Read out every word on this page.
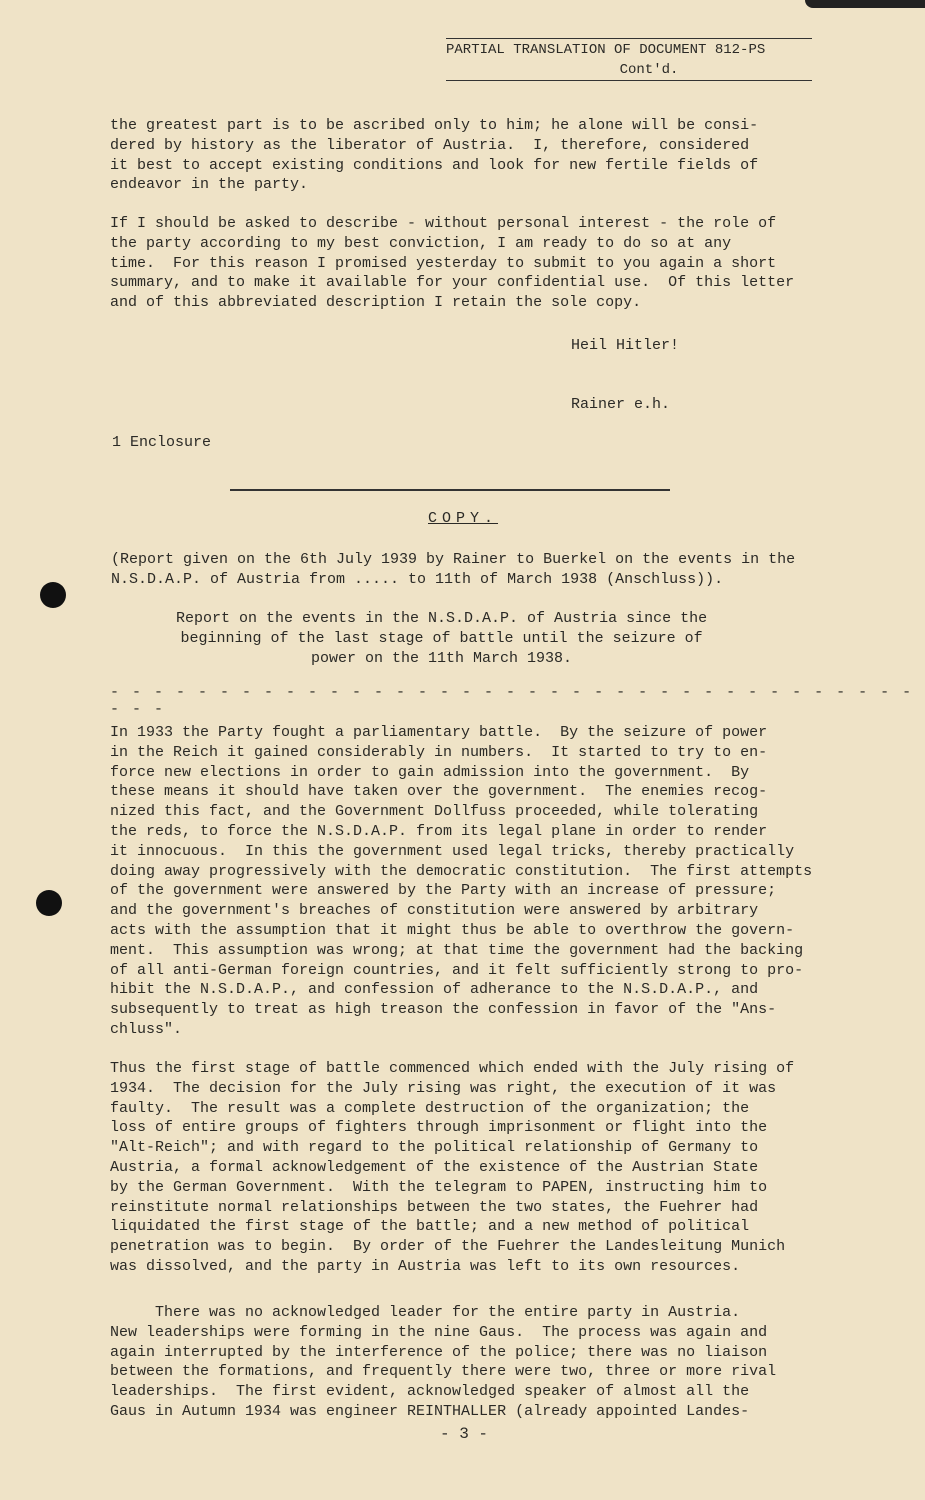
PARTIAL TRANSLATION OF DOCUMENT 812-PS
Cont'd.
the greatest part is to be ascribed only to him; he alone will be consi-
dered by history as the liberator of Austria.  I, therefore, considered
it best to accept existing conditions and look for new fertile fields of
endeavor in the party.
If I should be asked to describe - without personal interest - the role of
the party according to my best conviction, I am ready to do so at any
time.  For this reason I promised yesterday to submit to you again a short
summary, and to make it available for your confidential use.  Of this letter
and of this abbreviated description I retain the sole copy.
Heil Hitler!
Rainer e.h.
1 Enclosure
COPY.
(Report given on the 6th July 1939 by Rainer to Buerkel on the events in the
N.S.D.A.P. of Austria from ..... to 11th of March 1938 (Anschluss)).
Report on the events in the N.S.D.A.P. of Austria since the
beginning of the last stage of battle until the seizure of
power on the 11th March 1938.
- - - - - - - - - - - - - - - - - - - - - - - - - - - - - - - - - - - - - - - -
In 1933 the Party fought a parliamentary battle.  By the seizure of power
in the Reich it gained considerably in numbers.  It started to try to en-
force new elections in order to gain admission into the government.  By
these means it should have taken over the government.  The enemies recog-
nized this fact, and the Government Dollfuss proceeded, while tolerating
the reds, to force the N.S.D.A.P. from its legal plane in order to render
it innocuous.  In this the government used legal tricks, thereby practically
doing away progressively with the democratic constitution.  The first attempts
of the government were answered by the Party with an increase of pressure;
and the government's breaches of constitution were answered by arbitrary
acts with the assumption that it might thus be able to overthrow the govern-
ment.  This assumption was wrong; at that time the government had the backing
of all anti-German foreign countries, and it felt sufficiently strong to pro-
hibit the N.S.D.A.P., and confession of adherance to the N.S.D.A.P., and
subsequently to treat as high treason the confession in favor of the "Ans-
chluss".
Thus the first stage of battle commenced which ended with the July rising of
1934.  The decision for the July rising was right, the execution of it was
faulty.  The result was a complete destruction of the organization; the
loss of entire groups of fighters through imprisonment or flight into the
"Alt-Reich"; and with regard to the political relationship of Germany to
Austria, a formal acknowledgement of the existence of the Austrian State
by the German Government.  With the telegram to PAPEN, instructing him to
reinstitute normal relationships between the two states, the Fuehrer had
liquidated the first stage of the battle; and a new method of political
penetration was to begin.  By order of the Fuehrer the Landesleitung Munich
was dissolved, and the party in Austria was left to its own resources.
There was no acknowledged leader for the entire party in Austria.
New leaderships were forming in the nine Gaus.  The process was again and
again interrupted by the interference of the police; there was no liaison
between the formations, and frequently there were two, three or more rival
leaderships.  The first evident, acknowledged speaker of almost all the
Gaus in Autumn 1934 was engineer REINTHALLER (already appointed Landes-
- 3 -
